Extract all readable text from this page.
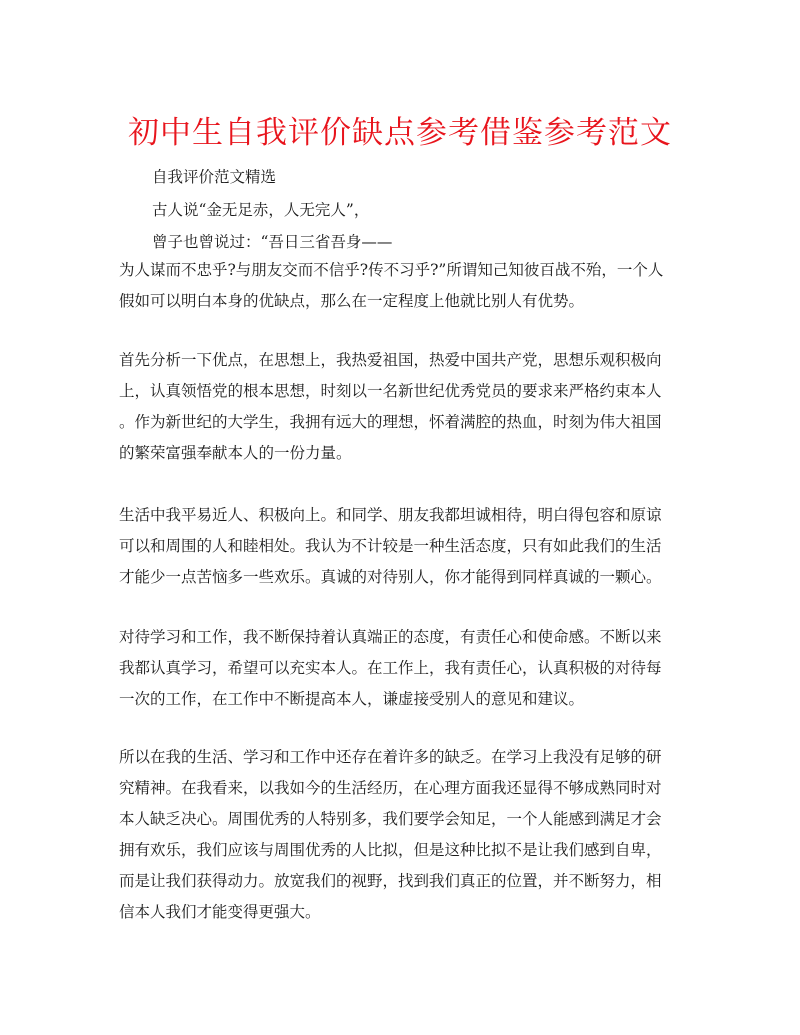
初中生自我评价缺点参考借鉴参考范文
自我评价范文精选
古人说“金无足赤，人无完人”，
曾子也曾说过：“吾日三省吾身——
为人谋而不忠乎?与朋友交而不信乎?传不习乎?”所谓知己知彼百战不殆，一个人
假如可以明白本身的优缺点，那么在一定程度上他就比别人有优势。
首先分析一下优点，在思想上，我热爱祖国，热爱中国共产党，思想乐观积极向
上，认真领悟党的根本思想，时刻以一名新世纪优秀党员的要求来严格约束本人
。作为新世纪的大学生，我拥有远大的理想，怀着满腔的热血，时刻为伟大祖国
的繁荣富强奉献本人的一份力量。
生活中我平易近人、积极向上。和同学、朋友我都坦诚相待，明白得包容和原谅
可以和周围的人和睦相处。我认为不计较是一种生活态度，只有如此我们的生活
才能少一点苦恼多一些欢乐。真诚的对待别人，你才能得到同样真诚的一颗心。
对待学习和工作，我不断保持着认真端正的态度，有责任心和使命感。不断以来
我都认真学习，希望可以充实本人。在工作上，我有责任心，认真积极的对待每
一次的工作，在工作中不断提高本人，谦虚接受别人的意见和建议。
所以在我的生活、学习和工作中还存在着许多的缺乏。在学习上我没有足够的研
究精神。在我看来，以我如今的生活经历，在心理方面我还显得不够成熟同时对
本人缺乏决心。周围优秀的人特别多，我们要学会知足，一个人能感到满足才会
拥有欢乐，我们应该与周围优秀的人比拟，但是这种比拟不是让我们感到自卑，
而是让我们获得动力。放宽我们的视野，找到我们真正的位置，并不断努力，相
信本人我们才能变得更强大。
